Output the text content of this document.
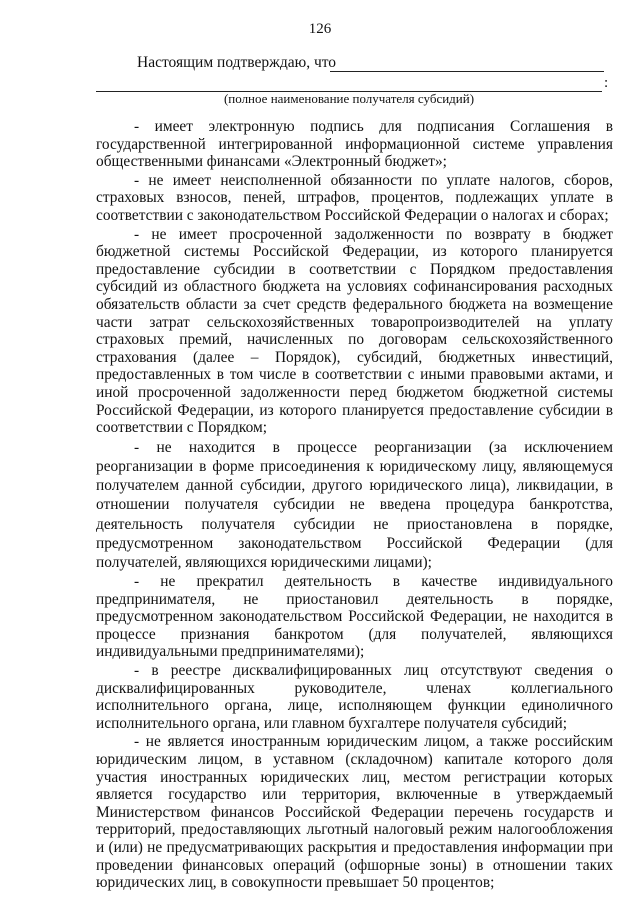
126
Настоящим подтверждаю, что
:
(полное наименование получателя субсидий)

- имеет электронную подпись для подписания Соглашения в государственной интегрированной информационной системе управления общественными финансами «Электронный бюджет»;

- не имеет неисполненной обязанности по уплате налогов, сборов, страховых взносов, пеней, штрафов, процентов, подлежащих уплате в соответствии с законодательством Российской Федерации о налогах и сборах;

- не имеет просроченной задолженности по возврату в бюджет бюджетной системы Российской Федерации, из которого планируется предоставление субсидии в соответствии с Порядком предоставления субсидий из областного бюджета на условиях софинансирования расходных обязательств области за счет средств федерального бюджета на возмещение части затрат сельскохозяйственных товаропроизводителей на уплату страховых премий, начисленных по договорам сельскохозяйственного страхования (далее – Порядок), субсидий, бюджетных инвестиций, предоставленных в том числе в соответствии с иными правовыми актами, и иной просроченной задолженности перед бюджетом бюджетной системы Российской Федерации, из которого планируется предоставление субсидии в соответствии с Порядком;

- не находится в процессе реорганизации (за исключением реорганизации в форме присоединения к юридическому лицу, являющемуся получателем данной субсидии, другого юридического лица), ликвидации, в отношении получателя субсидии не введена процедура банкротства, деятельность получателя субсидии не приостановлена в порядке, предусмотренном законодательством Российской Федерации (для получателей, являющихся юридическими лицами);

- не прекратил деятельность в качестве индивидуального предпринимателя, не приостановил деятельность в порядке, предусмотренном законодательством Российской Федерации, не находится в процессе признания банкротом (для получателей, являющихся индивидуальными предпринимателями);

- в реестре дисквалифицированных лиц отсутствуют сведения о дисквалифицированных руководителе, членах коллегиального исполнительного органа, лице, исполняющем функции единоличного исполнительного органа, или главном бухгалтере получателя субсидий;

- не является иностранным юридическим лицом, а также российским юридическим лицом, в уставном (складочном) капитале которого доля участия иностранных юридических лиц, местом регистрации которых является государство или территория, включенные в утверждаемый Министерством финансов Российской Федерации перечень государств и территорий, предоставляющих льготный налоговый режим налогообложения и (или) не предусматривающих раскрытия и предоставления информации при проведении финансовых операций (офшорные зоны) в отношении таких юридических лиц, в совокупности превышает 50 процентов;
